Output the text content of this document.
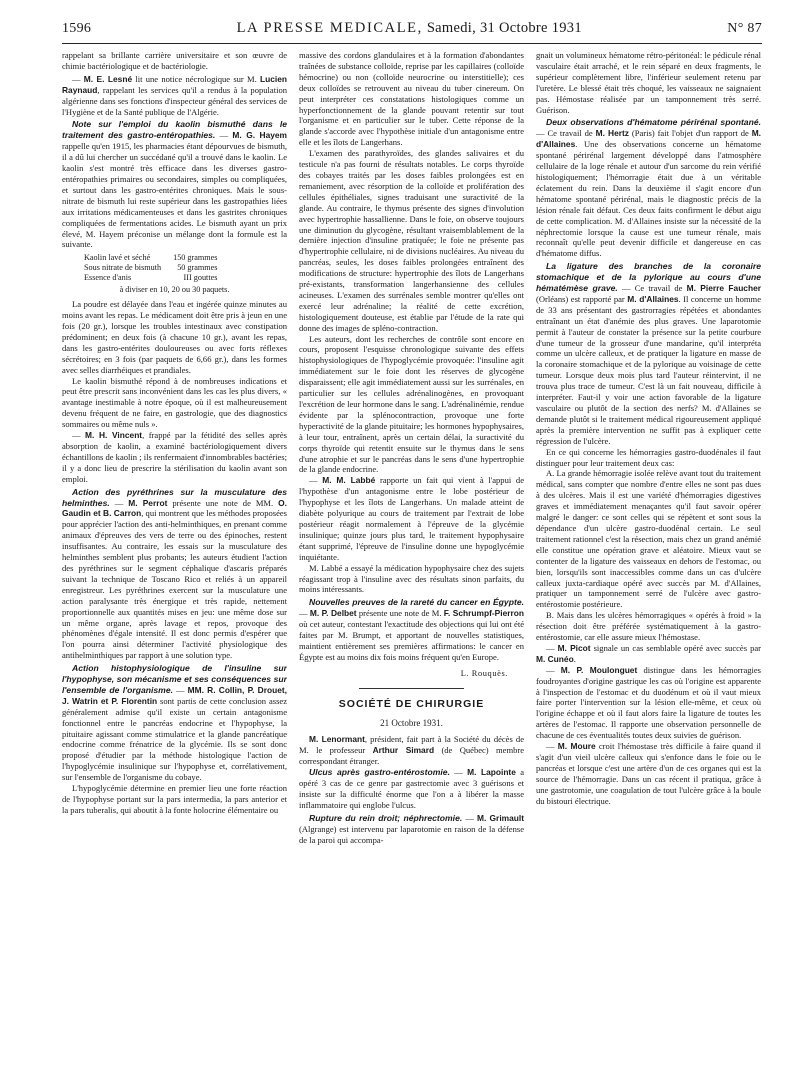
1596	LA PRESSE MEDICALE, Samedi, 31 Octobre 1931	N° 87

rappelant sa brillante carrière universitaire et son œuvre de chimie bactériologique et de bactériologie.

— M. E. Lesné lit une notice nécrologique sur M. Lucien Raynaud, rappelant les services qu'il a rendus à la population algérienne dans ses fonctions d'inspecteur général des services de l'Hygiène et de la Santé publique de l'Algérie.

Note sur l'emploi du kaolin bismuthé dans le traitement des gastro-entéropathies. — M. G. Hayem rappelle qu'en 1915, les pharmacies étant dépourvues de bismuth, il a dû lui chercher un succédané qu'il a trouvé dans le kaolin. Le kaolin s'est montré très efficace dans les diverses gastro-entéropathies primaires ou secondaires, simples ou compliquées, et surtout dans les gastro-entérites chroniques. Mais le sous-nitrate de bismuth lui reste supérieur dans les gastropathies liées aux irritations médicamenteuses et dans les gastrites chroniques compliquées de fermentations acides. Le bismuth ayant un prix élevé, M. Hayem préconise un mélange dont la formule est la suivante.

Kaolin lavé et séché	150 grammes
Sous nitrate de bismuth	50 grammes
Essence d'anis	III gouttes
à diviser en 10, 20 ou 30 paquets.

La poudre est délayée dans l'eau et ingérée quinze minutes au moins avant les repas. Le médicament doit être pris à jeun en une fois (20 gr.), lorsque les troubles intestinaux avec constipation prédominent; en deux fois (à chacune 10 gr.), avant les repas, dans les gastro-entérites douloureuses ou avec forts réflexes sécrétoires; en 3 fois (par paquets de 6,66 gr.), dans les formes avec selles diarrhéiques et prandiales.

Le kaolin bismuthé répond à de nombreuses indications et peut être prescrit sans inconvénient dans les cas les plus divers, « avantage inestimable à notre époque, où il est malheureusement devenu fréquent de ne faire, en gastrologie, que des diagnostics sommaires ou même nuls ».

— M. H. Vincent, frappé par la fétidité des selles après absorption de kaolin, a examiné bactériologiquement divers échantillons de kaolin ; ils renfermaient d'innombrables bactéries; il y a donc lieu de prescrire la stérilisation du kaolin avant son emploi.

Action des pyréthrines sur la musculature des helminthes. — M. Perrot présente une note de MM. O. Gaudin et B. Carron, qui montrent que les méthodes proposées pour apprécier l'action des anti-helminthiques, en prenant comme animaux d'épreuves des vers de terre ou des épinoches, restent insuffisantes. Au contraire, les essais sur la musculature des helminthes semblent plus probants; les auteurs étudient l'action des pyréthrines sur le segment céphalique d'ascaris préparés suivant la technique de Toscano Rico et reliés à un appareil enregistreur. Les pyréthrines exercent sur la musculature une action paralysante très énergique et très rapide, nettement proportionnelle aux quantités mises en jeu: une même dose sur un même organe, après lavage et repos, provoque des phénomènes d'égale intensité. Il est donc permis d'espérer que l'on pourra ainsi déterminer l'activité physiologique des antihelminthiques par rapport à une solution type.

Action histophysiologique de l'insuline sur l'hypophyse, son mécanisme et ses conséquences sur l'ensemble de l'organisme. — MM. R. Collin, P. Drouet, J. Watrin et P. Florentin sont partis de cette conclusion assez généralement admise qu'il existe un certain antagonisme fonctionnel entre le pancréas endocrine et l'hypophyse, la pituitaire agissant comme stimulatrice et la glande pancréatique endocrine comme frénatrice de la glycémie. Ils se sont donc proposé d'étudier par la méthode histologique l'action de l'hypoglycémie insulinique sur l'hypophyse et, corrélativement, sur l'ensemble de l'organisme du cobaye.

L'hypoglycémie détermine en premier lieu une forte réaction de l'hypophyse portant sur la pars intermedia, la pars anterior et la pars tuberalis, qui aboutit à la fonte holocrine élémentaire ou

massive des cordons glandulaires et à la formation d'abondantes traînées de substance colloïde, reprise par les capillaires (colloïde hémocrine) ou non (colloïde neurocrine ou interstitielle); ces deux colloïdes se retrouvent au niveau du tuber cinereum. On peut interpréter ces constatations histologiques comme un hyperfonctionnement de la glande pouvant retentir sur tout l'organisme et en particulier sur le tuber. Cette réponse de la glande s'accorde avec l'hypothèse initiale d'un antagonisme entre elle et les îlots de Langerhans.

L'examen des parathyroïdes, des glandes salivaires et du testicule n'a pas fourni de résultats notables. Le corps thyroïde des cobayes traités par les doses faibles prolongées est en remaniement, avec résorption de la colloïde et prolifération des cellules épithéliales, signes traduisant une suractivité de la glande. Au contraire, le thymus présente des signes d'involution avec hypertrophie hassallienne. Dans le foie, on observe toujours une diminution du glycogène, résultant vraisemblablement de la dernière injection d'insuline pratiquée; le foie ne présente pas d'hypertrophie cellulaire, ni de divisions nucléaires. Au niveau du pancréas, seules, les doses faibles prolongées entraînent des modifications de structure: hypertrophie des îlots de Langerhans pré-existants, transformation langerhansienne des cellules acineuses. L'examen des surrénales semble montrer qu'elles ont exercé leur adrénaline; la réalité de cette excrétion, histologiquement douteuse, est établie par l'étude de la rate qui donne des images de spléno-contraction.

Les auteurs, dont les recherches de contrôle sont encore en cours, proposent l'esquisse chronologique suivante des effets histophysiologiques de l'hypoglycémie provoquée: l'insuline agit immédiatement sur le foie dont les réserves de glycogène disparaissent; elle agit immédiatement aussi sur les surrénales, en particulier sur les cellules adrénalinogènes, en provoquant l'excrétion de leur hormone dans le sang. L'adrénalinémie, rendue évidente par la splénocontraction, provoque une forte hyperactivité de la glande pituitaire; les hormones hypophysaires, à leur tour, entraînent, après un certain délai, la suractivité du corps thyroïde qui retentit ensuite sur le thymus dans le sens d'une atrophie et sur le pancréas dans le sens d'une hypertrophie de la glande endocrine.

— M. M. Labbé rapporte un fait qui vient à l'appui de l'hypothèse d'un antagonisme entre le lobe postérieur de l'hypophyse et les îlots de Langerhans. Un malade atteint de diabète polyurique au cours de traitement par l'extrait de lobe postérieur réagit normalement à l'épreuve de la glycémie insulinique; quinze jours plus tard, le traitement hypophysaire étant supprimé, l'épreuve de l'insuline donne une hypoglycémie inquiétante.

M. Labbé a essayé la médication hypophysaire chez des sujets réagissant trop à l'insuline avec des résultats sinon parfaits, du moins intéressants.

Nouvelles preuves de la rareté du cancer en Égypte. — M. P. Delbet présente une note de M. F. Schrumpf-Pierron où cet auteur, contestant l'exactitude des objections qui lui ont été faites par M. Brumpt, et apportant de nouvelles statistiques, maintient entièrement ses premières affirmations: le cancer en Égypte est au moins dix fois moins fréquent qu'en Europe.

L. Rouquès.
SOCIÉTÉ DE CHIRURGIE
21 Octobre 1931.

M. Lenormant, président, fait part à la Société du décès de M. le professeur Arthur Simard (de Québec) membre correspondant étranger.

Ulcus après gastro-entérostomie. — M. Lapointe a opéré 3 cas de ce genre par gastrectomie avec 3 guérisons et insiste sur la difficulté énorme que l'on a à libérer la masse inflammatoire qui englobe l'ulcus.

Rupture du rein droit; néphrectomie. — M. Grimault (Algrange) est intervenu par laparotomie en raison de la défense de la paroi qui accompa-

gnait un volumineux hématome rétro-péritonéal: le pédicule rénal vasculaire était arraché, et le rein séparé en deux fragments, le supérieur complètement libre, l'inférieur seulement retenu par l'uretère. Le blessé était très choqué, les vaisseaux ne saignaient pas. Hémostase réalisée par un tamponnement très serré. Guérison.

Deux observations d'hématome périrénal spontané. — Ce travail de M. Hertz (Paris) fait l'objet d'un rapport de M. d'Allaines. Une des observations concerne un hématome spontané périrénal largement développé dans l'atmosphère cellulaire de la loge rénale et autour d'un sarcome du rein vérifié histologiquement; l'hémorragie était due à un véritable éclatement du rein. Dans la deuxième il s'agit encore d'un hématome spontané périrénal, mais le diagnostic précis de la lésion rénale fait défaut. Ces deux faits confirment le début aigu de cette complication. M. d'Allaines insiste sur la nécessité de la néphrectomie lorsque la cause est une tumeur rénale, mais reconnaît qu'elle peut devenir difficile et dangereuse en cas d'hématome diffus.

La ligature des branches de la coronaire stomachique et de la pylorique au cours d'une hématémèse grave. — Ce travail de M. Pierre Faucher (Orléans) est rapporté par M. d'Allaines. Il concerne un homme de 33 ans présentant des gastrorragies répétées et abondantes entraînant un état d'anémie des plus graves. Une laparotomie permit à l'auteur de constater la présence sur la petite courbure d'une tumeur de la grosseur d'une mandarine, qu'il interpréta comme un ulcère calleux, et de pratiquer la ligature en masse de la coronaire stomachique et de la pylorique au voisinage de cette tumeur. Lorsque deux mois plus tard l'auteur réintervint, il ne trouva plus trace de tumeur. C'est là un fait nouveau, difficile à interpréter. Faut-il y voir une action favorable de la ligature vasculaire ou plutôt de la section des nerfs? M. d'Allaines se demande plutôt si le traitement médical rigoureusement appliqué après la première intervention ne suffit pas à expliquer cette régression de l'ulcère.

En ce qui concerne les hémorragies gastro-duodénales il faut distinguer pour leur traitement deux cas:

A. La grande hémorragie isolée relève avant tout du traitement médical, sans compter que nombre d'entre elles ne sont pas dues à des ulcères. Mais il est une variété d'hémorragies digestives graves et immédiatement menaçantes qu'il faut savoir opérer malgré le danger: ce sont celles qui se répètent et sont sous la dépendance d'un ulcère gastro-duodénal certain. Le seul traitement rationnel c'est la résection, mais chez un grand anémié elle constitue une opération grave et aléatoire. Mieux vaut se contenter de la ligature des vaisseaux en dehors de l'estomac, ou bien, lorsqu'ils sont inaccessibles comme dans un cas d'ulcère calleux juxta-cardiaque opéré avec succès par M. d'Allaines, pratiquer un tamponnement serré de l'ulcère avec gastro-entérostomie postérieure.

B. Mais dans les ulcères hémorragiques « opérés à froid » la résection doit être préférée systématiquement à la gastro-entérostomie, car elle assure mieux l'hémostase.

— M. Picot signale un cas semblable opéré avec succès par M. Cunéo.

— M. P. Moulonguet distingue dans les hémorragies foudroyantes d'origine gastrique les cas où l'origine est apparente à l'inspection de l'estomac et du duodénum et où il vaut mieux faire porter l'intervention sur la lésion elle-même, et ceux où l'origine échappe et où il faut alors faire la ligature de toutes les artères de l'estomac. Il rapporte une observation personnelle de chacune de ces éventualités toutes deux suivies de guérison.

— M. Moure croit l'hémostase très difficile à faire quand il s'agit d'un vieil ulcère calleux qui s'enfonce dans le foie ou le pancréas et lorsque c'est une artère d'un de ces organes qui est la source de l'hémorragie. Dans un cas récent il pratiqua, grâce à une gastrotomie, une coagulation de tout l'ulcère grâce à la boule du bistouri électrique.
